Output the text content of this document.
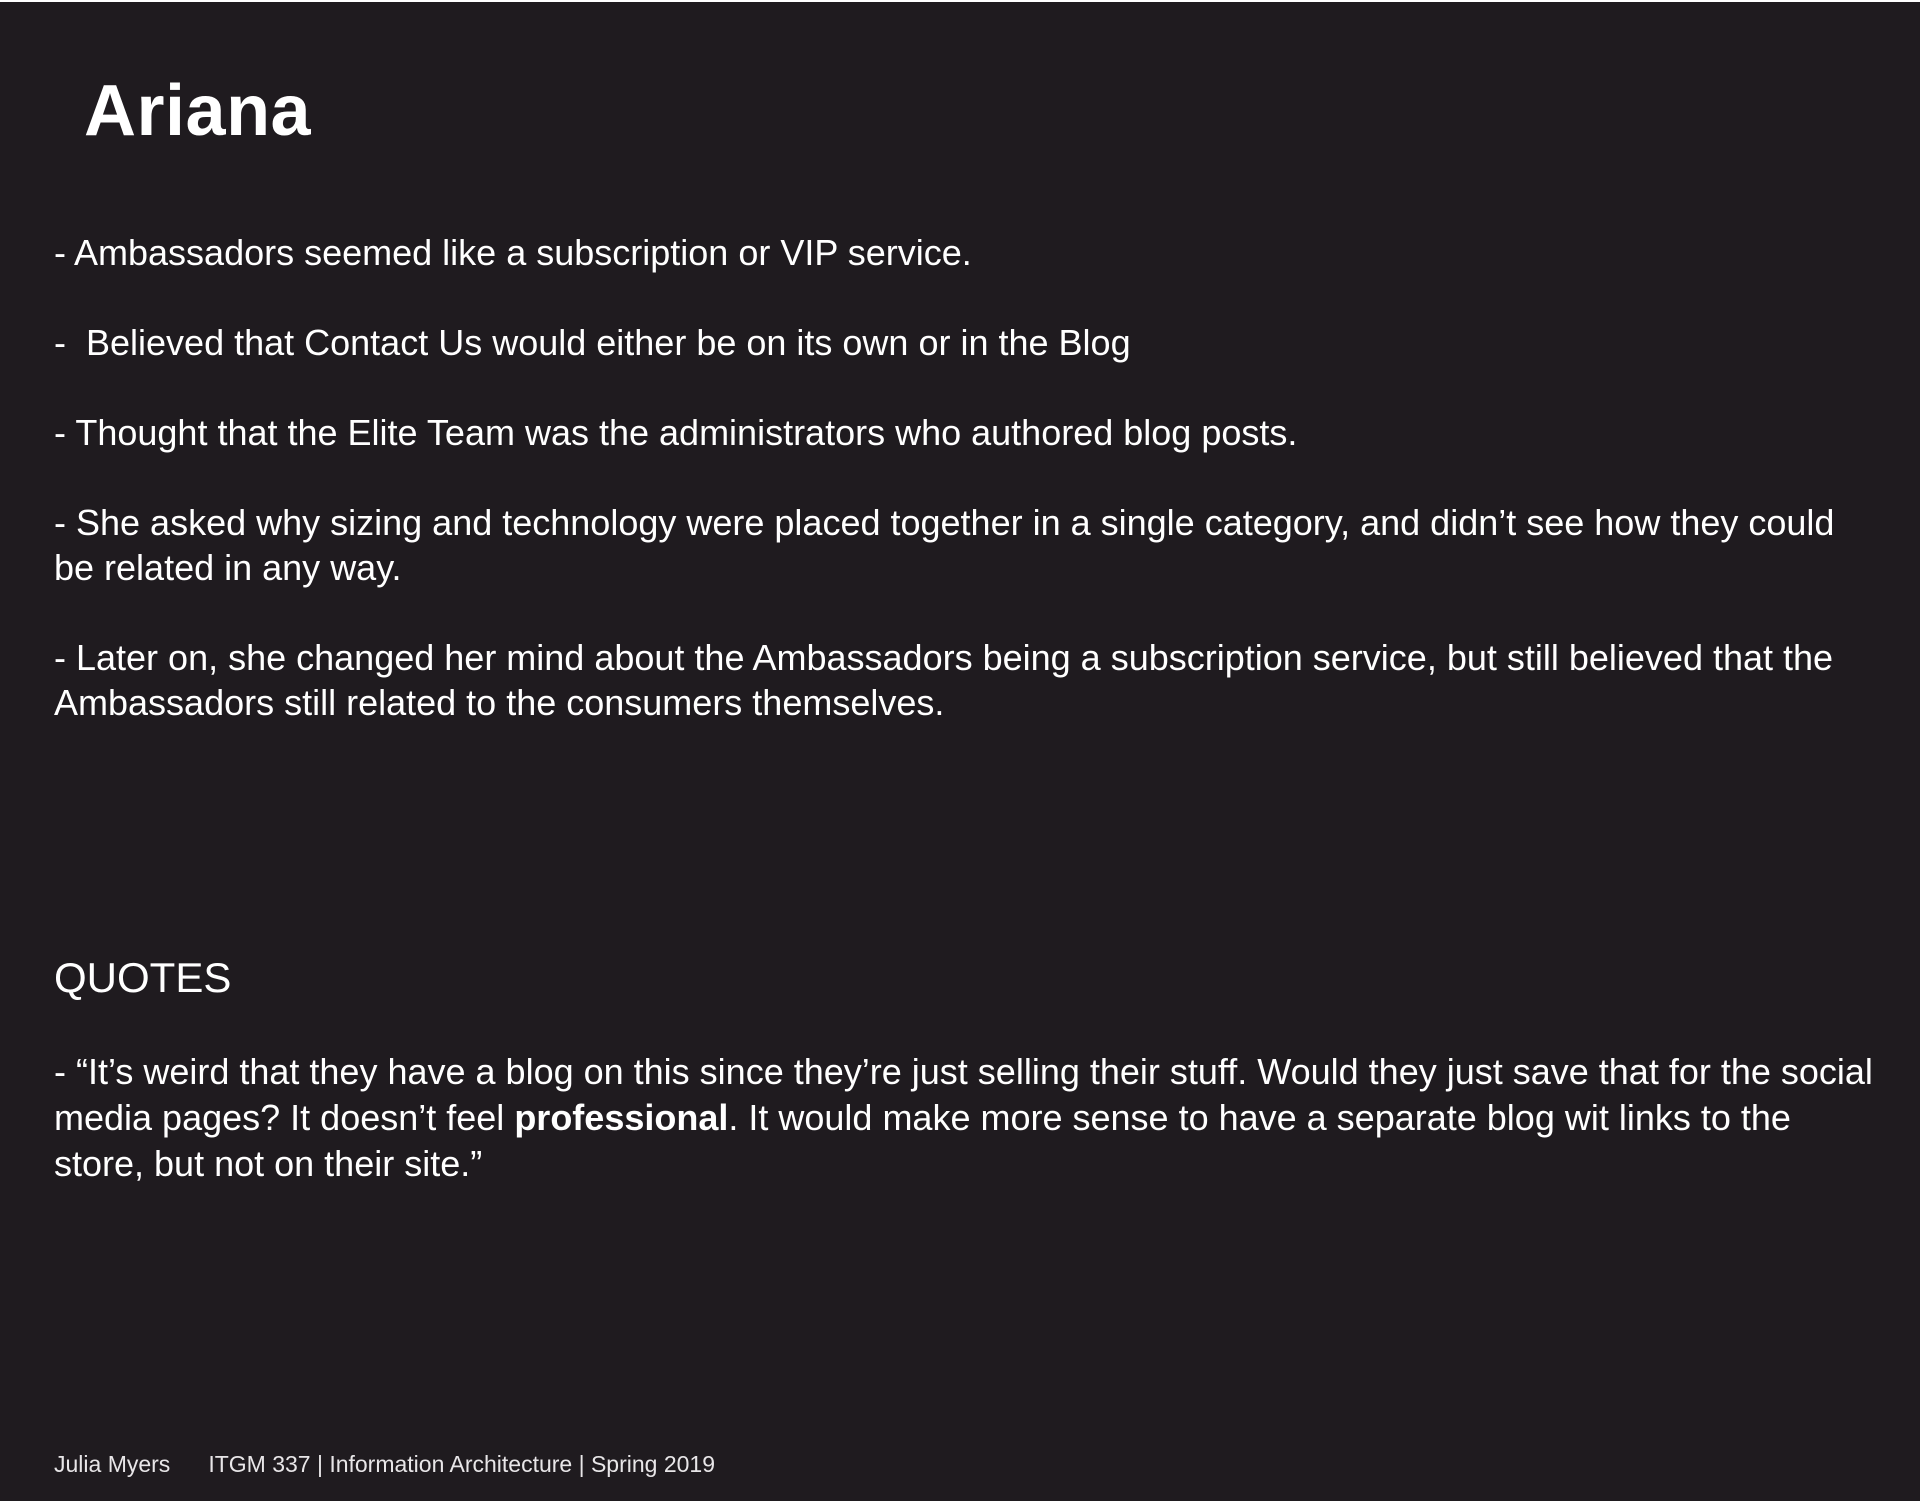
Ariana
- Ambassadors seemed like a subscription or VIP service.
-  Believed that Contact Us would either be on its own or in the Blog
- Thought that the Elite Team was the administrators who authored blog posts.
- She asked why sizing and technology were placed together in a single category, and didn’t see how they could be related in any way.
- Later on, she changed her mind about the Ambassadors being a subscription service, but still believed that the Ambassadors still related to the consumers themselves.
QUOTES

- “It’s weird that they have a blog on this since they’re just selling their stuff. Would they just save that for the social media pages? It doesn’t feel professional. It would make more sense to have a separate blog wit links to the store, but not on their site.”

Julia Myers ITGM 337 | Information Architecture | Spring 2019
